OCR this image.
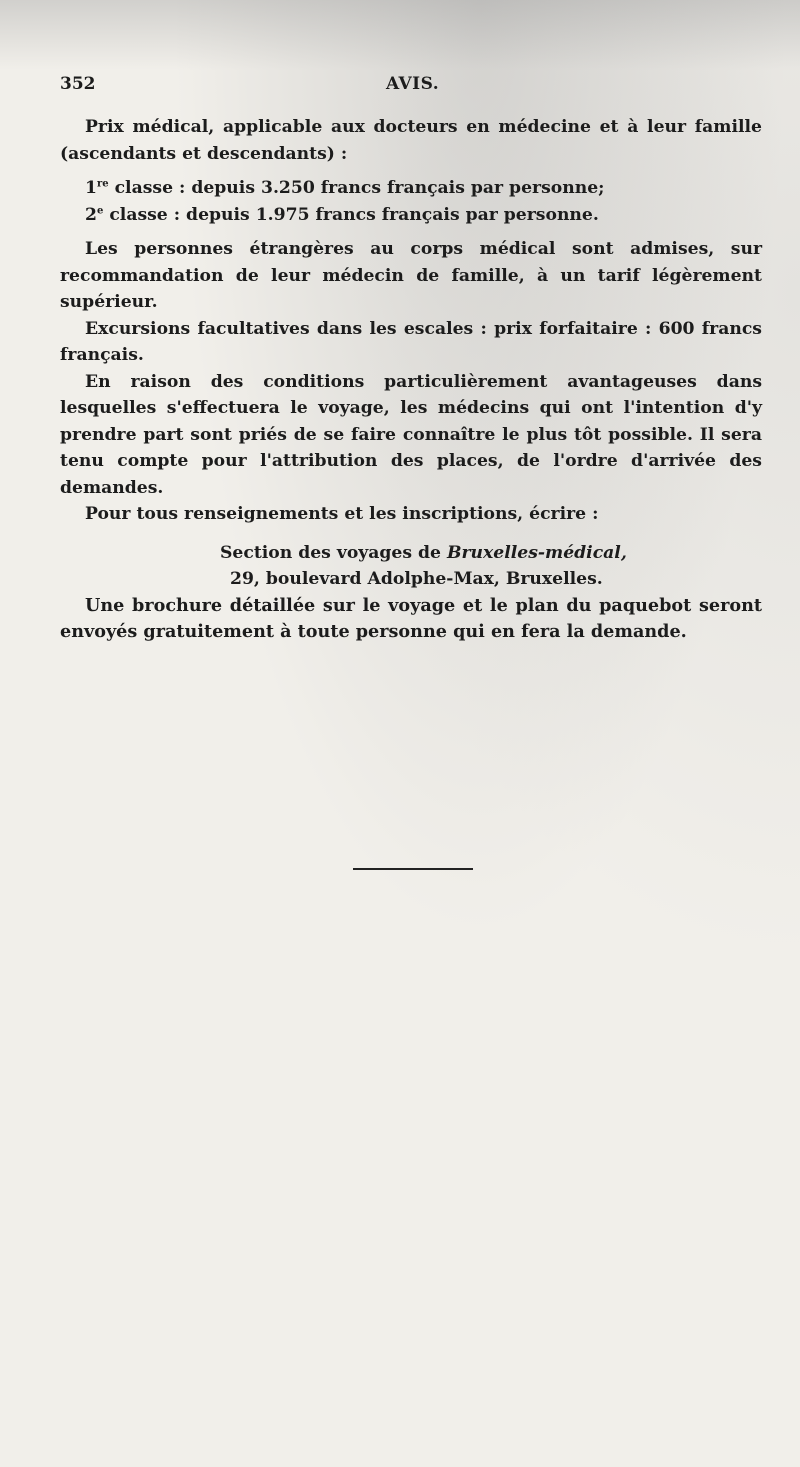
352	AVIS.

Prix médical, applicable aux docteurs en médecine et à leur famille (ascendants et descendants) :

1re classe : depuis 3.250 francs français par personne;
2e classe : depuis 1.975 francs français par personne.

Les personnes étrangères au corps médical sont admises, sur recommandation de leur médecin de famille, à un tarif légèrement supérieur.

Excursions facultatives dans les escales : prix forfaitaire : 600 francs français.

En raison des conditions particulièrement avantageuses dans lesquelles s'effectuera le voyage, les médecins qui ont l'intention d'y prendre part sont priés de se faire connaître le plus tôt possible. Il sera tenu compte pour l'attribution des places, de l'ordre d'arrivée des demandes.

Pour tous renseignements et les inscriptions, écrire :

Section des voyages de Bruxelles-médical,
29, boulevard Adolphe-Max, Bruxelles.

Une brochure détaillée sur le voyage et le plan du paquebot seront envoyés gratuitement à toute personne qui en fera la demande.
